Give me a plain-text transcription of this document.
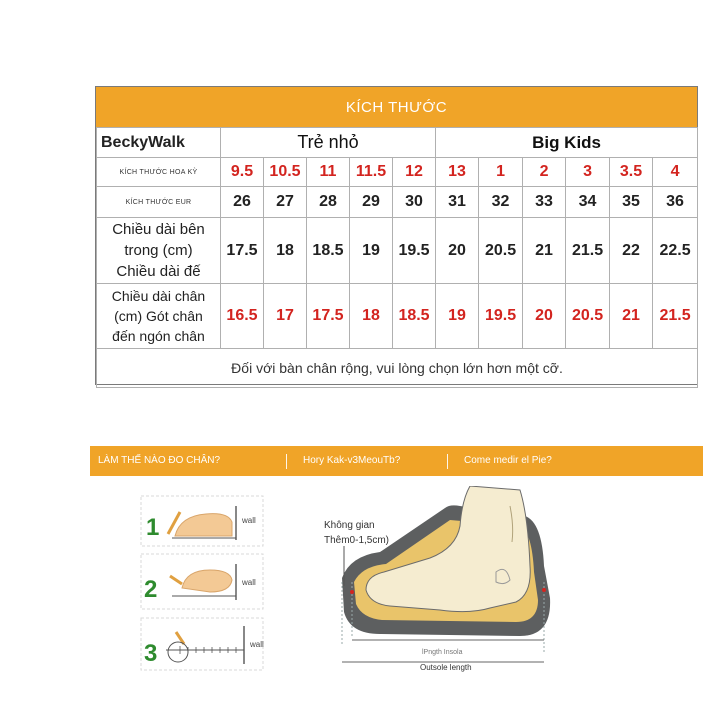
KÍCH THƯỚC
BeckyWalk	Trẻ nhỏ					Big Kids					
KÍCH THƯỚC HOA KỲ	9.5	10.5	11	11.5	12	13	1	2	3	3.5	4
KÍCH THƯỚC EUR	26	27	28	29	30	31	32	33	34	35	36

Chiều dài bên
trong (cm)
Chiều dài đế	17.5	18	18.5	19	19.5	20	20.5	21	21.5	22	22.5

Chiều dài chân
(cm) Gót chân
đến ngón chân	16.5	17	17.5	18	18.5	19	19.5	20	20.5	21	21.5
Đối với bàn chân rộng, vui lòng chọn lớn hơn một cỡ.											
LÀM THẾ NÀO ĐO CHÂN?	Hory Kak-v3MeouTb?	Come medir el Pie?
1
2
3
wall
wall
wall
Không gian
Thêm0-1,5cm)
lPngth Insola
Outsole length
